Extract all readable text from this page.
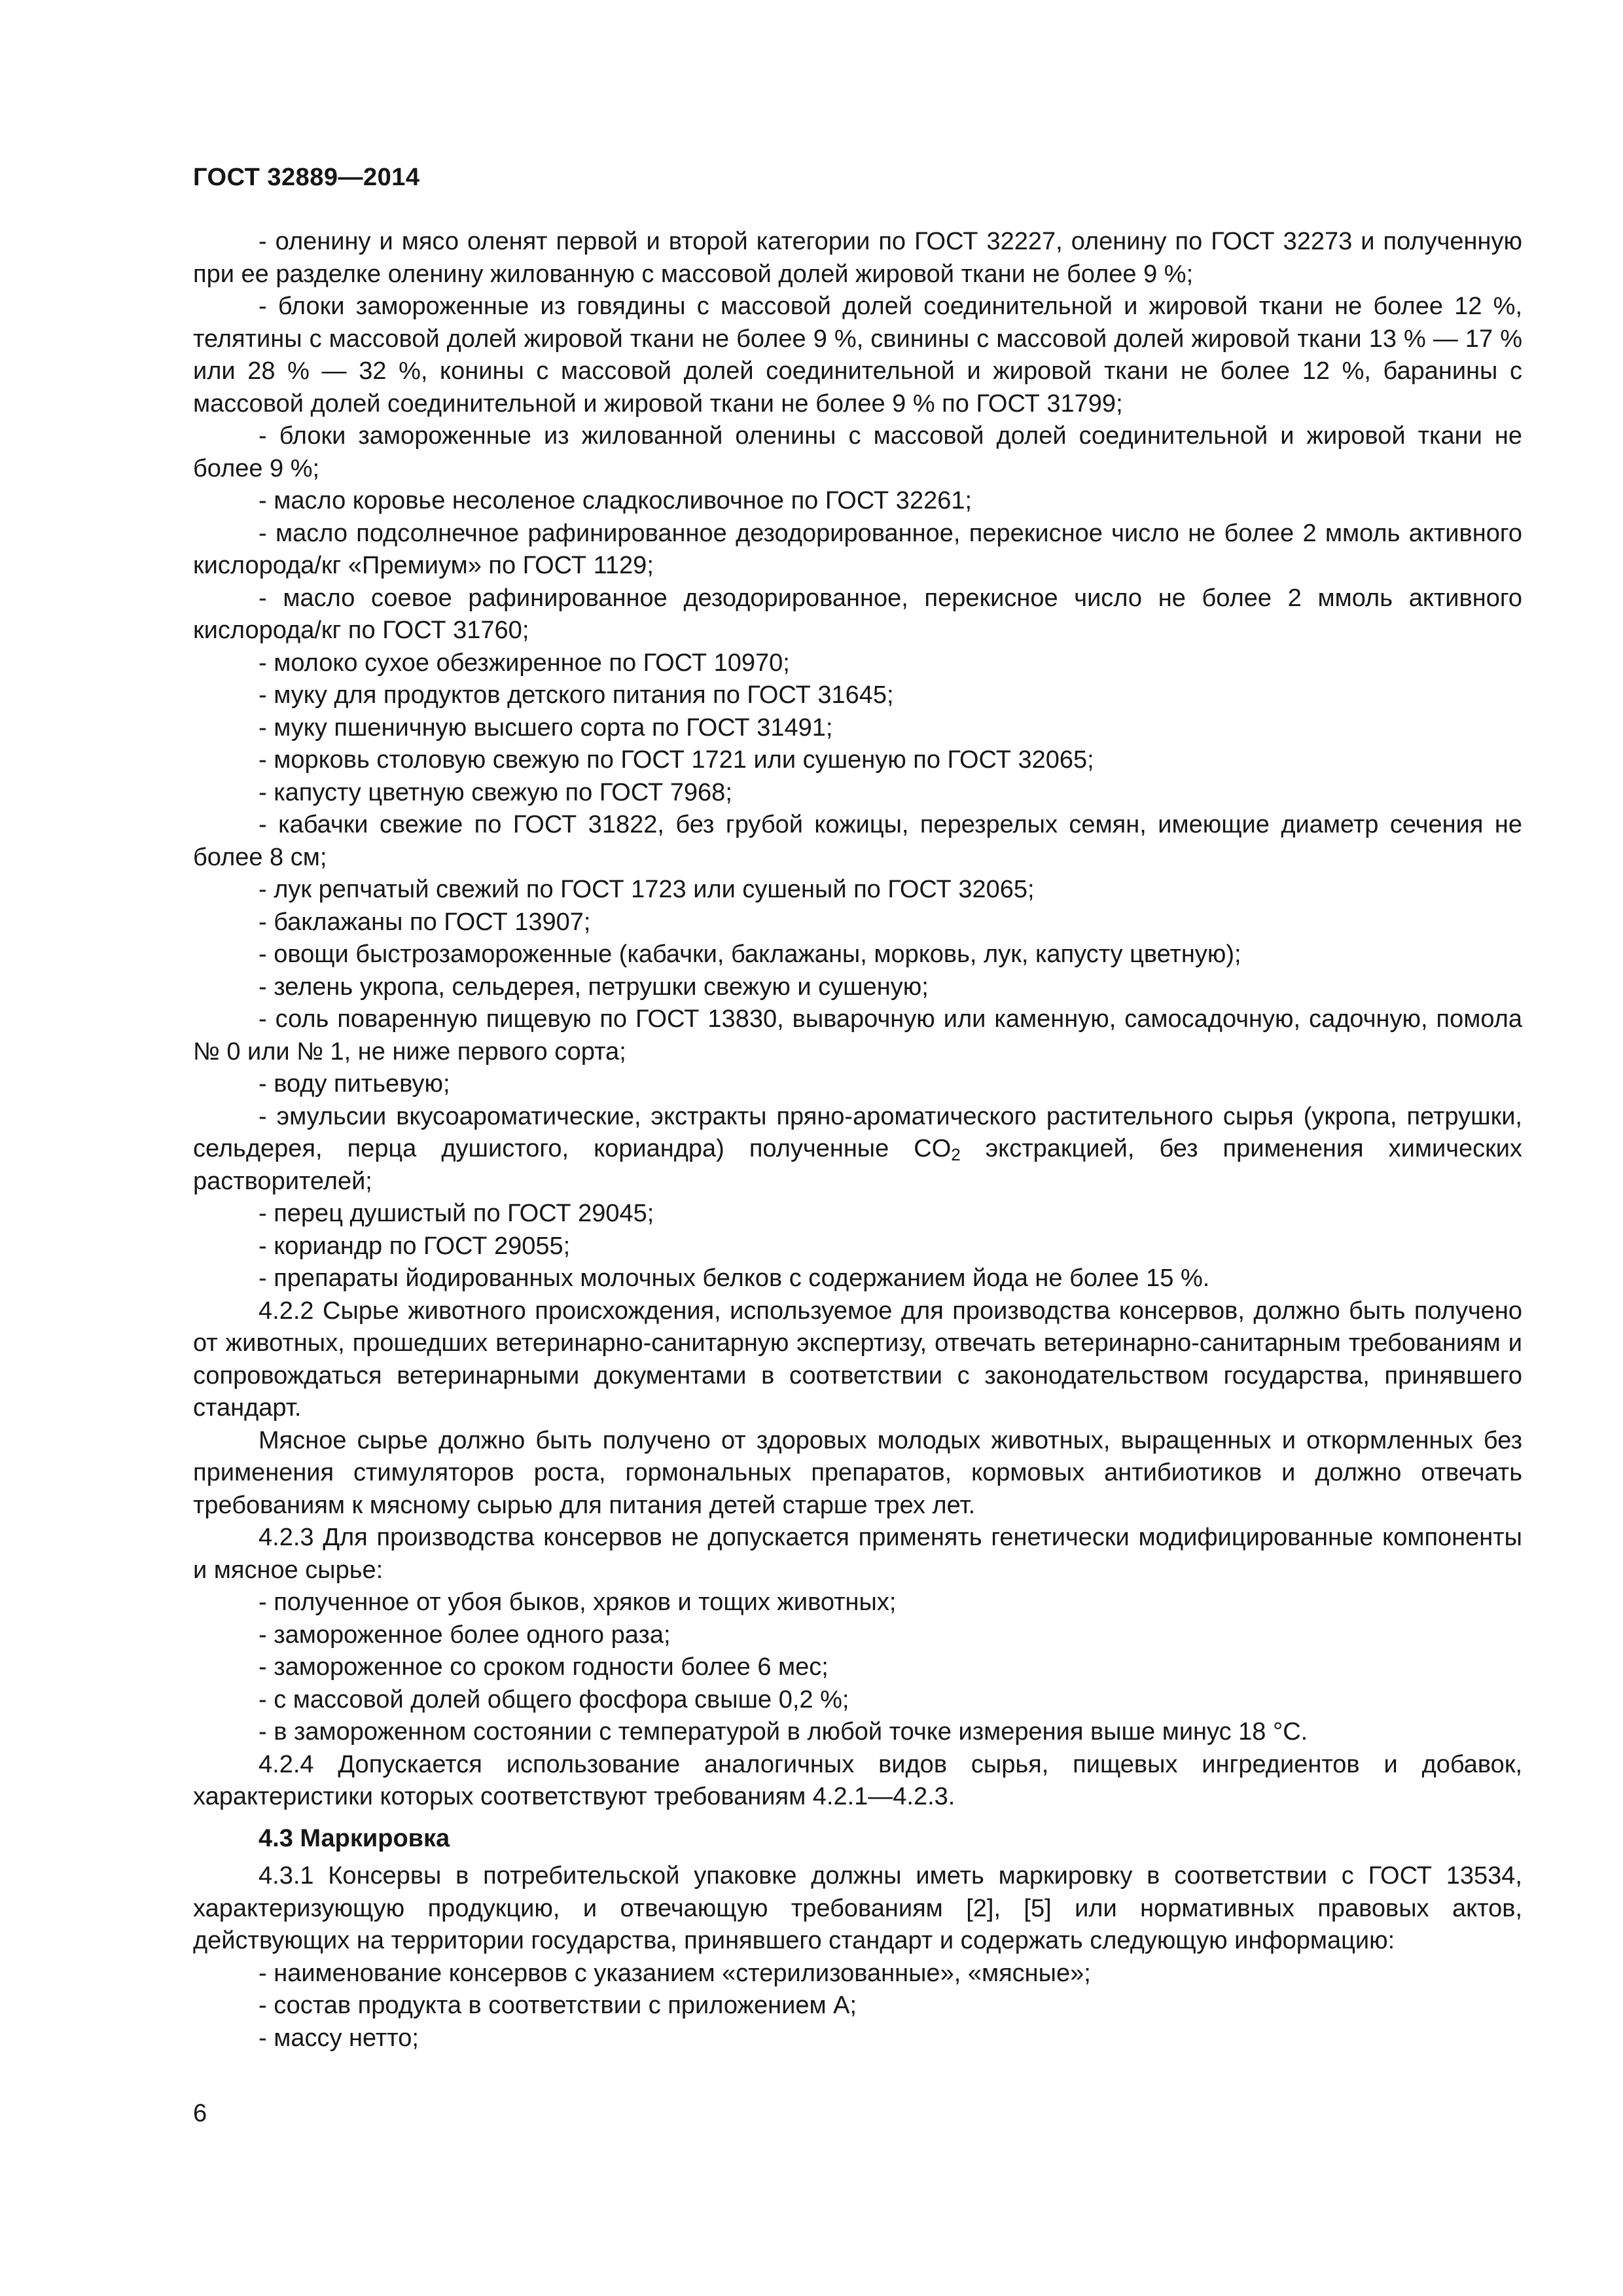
ГОСТ 32889—2014

- оленину и мясо оленят первой и второй категории по ГОСТ 32227, оленину по ГОСТ 32273 и полученную при ее разделке оленину жилованную с массовой долей жировой ткани не более 9 %;

- блоки замороженные из говядины с массовой долей соединительной и жировой ткани не более 12 %, телятины с массовой долей жировой ткани не более 9 %, свинины с массовой долей жировой ткани 13 % — 17 % или 28 % — 32 %, конины с массовой долей соединительной и жировой ткани не более 12 %, баранины с массовой долей соединительной и жировой ткани не более 9 % по ГОСТ 31799;

- блоки замороженные из жилованной оленины с массовой долей соединительной и жировой ткани не более 9 %;

- масло коровье несоленое сладкосливочное по ГОСТ 32261;

- масло подсолнечное рафинированное дезодорированное, перекисное число не более 2 ммоль активного кислорода/кг «Премиум» по ГОСТ 1129;

- масло соевое рафинированное дезодорированное, перекисное число не более 2 ммоль активного кислорода/кг по ГОСТ 31760;

- молоко сухое обезжиренное по ГОСТ 10970;

- муку для продуктов детского питания по ГОСТ 31645;

- муку пшеничную высшего сорта по ГОСТ 31491;

- морковь столовую свежую по ГОСТ 1721 или сушеную по ГОСТ 32065;

- капусту цветную свежую по ГОСТ 7968;

- кабачки свежие по ГОСТ 31822, без грубой кожицы, перезрелых семян, имеющие диаметр сечения не более 8 см;

- лук репчатый свежий по ГОСТ 1723 или сушеный по ГОСТ 32065;

- баклажаны по ГОСТ 13907;

- овощи быстрозамороженные (кабачки, баклажаны, морковь, лук, капусту цветную);

- зелень укропа, сельдерея, петрушки свежую и сушеную;

- соль поваренную пищевую по ГОСТ 13830, выварочную или каменную, самосадочную, садочную, помола № 0 или № 1, не ниже первого сорта;

- воду питьевую;

- эмульсии вкусоароматические, экстракты пряно-ароматического растительного сырья (укропа, петрушки, сельдерея, перца душистого, кориандра) полученные $CO_2$ экстракцией, без применения химических растворителей;

- перец душистый по ГОСТ 29045;

- кориандр по ГОСТ 29055;

- препараты йодированных молочных белков с содержанием йода не более 15 %.

4.2.2 Сырье животного происхождения, используемое для производства консервов, должно быть получено от животных, прошедших ветеринарно-санитарную экспертизу, отвечать ветеринарно-санитарным требованиям и сопровождаться ветеринарными документами в соответствии с законодательством государства, принявшего стандарт.

Мясное сырье должно быть получено от здоровых молодых животных, выращенных и откормленных без применения стимуляторов роста, гормональных препаратов, кормовых антибиотиков и должно отвечать требованиям к мясному сырью для питания детей старше трех лет.

4.2.3 Для производства консервов не допускается применять генетически модифицированные компоненты и мясное сырье:

- полученное от убоя быков, хряков и тощих животных;

- замороженное более одного раза;

- замороженное со сроком годности более 6 мес;

- с массовой долей общего фосфора свыше 0,2 %;

- в замороженном состоянии с температурой в любой точке измерения выше минус 18 °С.

4.2.4 Допускается использование аналогичных видов сырья, пищевых ингредиентов и добавок, характеристики которых соответствуют требованиям 4.2.1—4.2.3.

4.3 Маркировка

4.3.1 Консервы в потребительской упаковке должны иметь маркировку в соответствии с ГОСТ 13534, характеризующую продукцию, и отвечающую требованиям [2], [5] или нормативных правовых актов, действующих на территории государства, принявшего стандарт и содержать следующую информацию:

- наименование консервов с указанием «стерилизованные», «мясные»;

- состав продукта в соответствии с приложением А;

- массу нетто;

6
